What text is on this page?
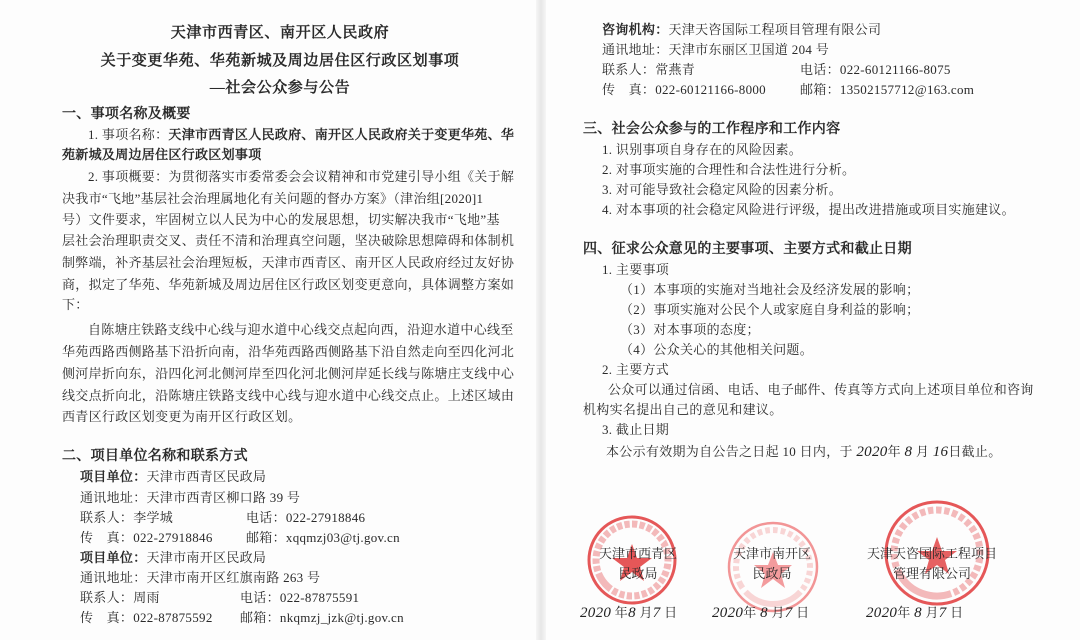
天津市西青区、南开区人民政府
关于变更华苑、华苑新城及周边居住区行政区划事项
—社会公众参与公告
一、事项名称及概要
1. 事项名称：天津市西青区人民政府、南开区人民政府关于变更华苑、华
苑新城及周边居住区行政区划事项
2. 事项概要：为贯彻落实市委常委会会议精神和市党建引导小组《关于解
决我市“飞地”基层社会治理属地化有关问题的督办方案》（津治组[2020]1
号）文件要求，牢固树立以人民为中心的发展思想，切实解决我市“飞地”基
层社会治理职责交叉、责任不清和治理真空问题，坚决破除思想障碍和体制机
制弊端，补齐基层社会治理短板，天津市西青区、南开区人民政府经过友好协
商，拟定了华苑、华苑新城及周边居住区行政区划变更意向，具体调整方案如
下：
自陈塘庄铁路支线中心线与迎水道中心线交点起向西，沿迎水道中心线至
华苑西路西侧路基下沿折向南，沿华苑西路西侧路基下沿自然走向至四化河北
侧河岸折向东，沿四化河北侧河岸至四化河北侧河岸延长线与陈塘庄支线中心
线交点折向北，沿陈塘庄铁路支线中心线与迎水道中心线交点止。上述区域由
西青区行政区划变更为南开区行政区划。
二、项目单位名称和联系方式
项目单位：天津市西青区民政局
通讯地址：天津市西青区柳口路 39 号
联系人：李学城	电话：022-27918846
传　真：022-27918846	邮箱：xqqmzj03@tj.gov.cn
项目单位：天津市南开区民政局
通讯地址：天津市南开区红旗南路 263 号
联系人：周雨	电话：022-87875591
传　真：022-87875592 邮箱：nkqmzj_jzk@tj.gov.cn
咨询机构：天津天咨国际工程项目管理有限公司
通讯地址：天津市东丽区卫国道 204 号
联系人：常燕青	电话：022-60121166-8075
传　真：022-60121166-8000	邮箱：13502157712@163.com
三、社会公众参与的工作程序和工作内容
1. 识别事项自身存在的风险因素。
2. 对事项实施的合理性和合法性进行分析。
3. 对可能导致社会稳定风险的因素分析。
4. 对本事项的社会稳定风险进行评级，提出改进措施或项目实施建议。
四、征求公众意见的主要事项、主要方式和截止日期
1. 主要事项
（1）本事项的实施对当地社会及经济发展的影响；
（2）事项实施对公民个人或家庭自身利益的影响；
（3）对本事项的态度；
（4）公众关心的其他相关问题。
2. 主要方式
公众可以通过信函、电话、电子邮件、传真等方式向上述项目单位和咨询
机构实名提出自己的意见和建议。
3. 截止日期
本公示有效期为自公告之日起 10 日内，于 2020年 8 月 16日截止。
天津市西青区
民政局
天津市南开区
民政局
天津天咨国际工程项目
管理有限公司
2020 年8 月7 日 2020年 8 月7 日	2020年 8 月7 日
